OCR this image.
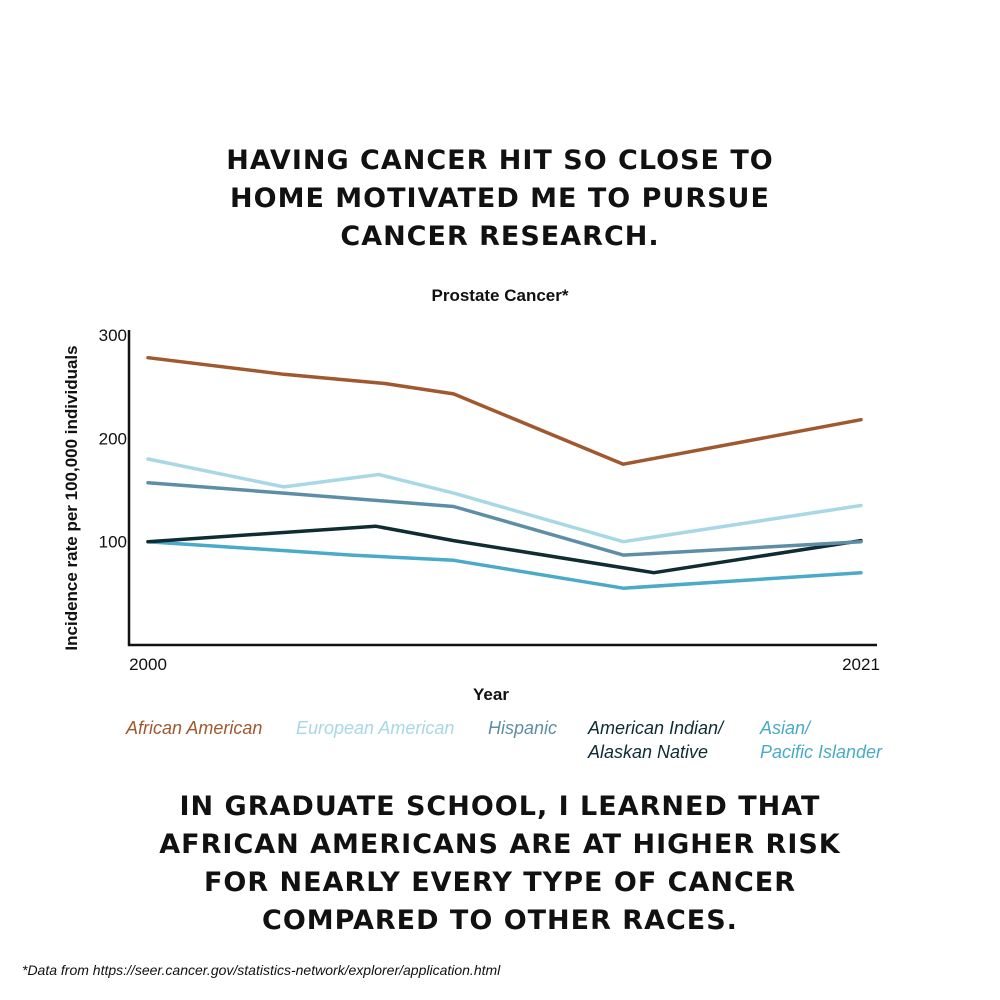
HAVING CANCER HIT SO CLOSE TO
HOME MOTIVATED ME TO PURSUE
CANCER RESEARCH.
Prostate Cancer*
300
200
100
2000	2021
Year
Incidence rate per 100,000 individuals
African American European American Hispanic American Indian/
Alaskan Native
Asian/
Pacific Islander
IN GRADUATE SCHOOL, I LEARNED THAT
AFRICAN AMERICANS ARE AT HIGHER RISK
FOR NEARLY EVERY TYPE OF CANCER
COMPARED TO OTHER RACES.
*Data from https://seer.cancer.gov/statistics-network/explorer/application.html
